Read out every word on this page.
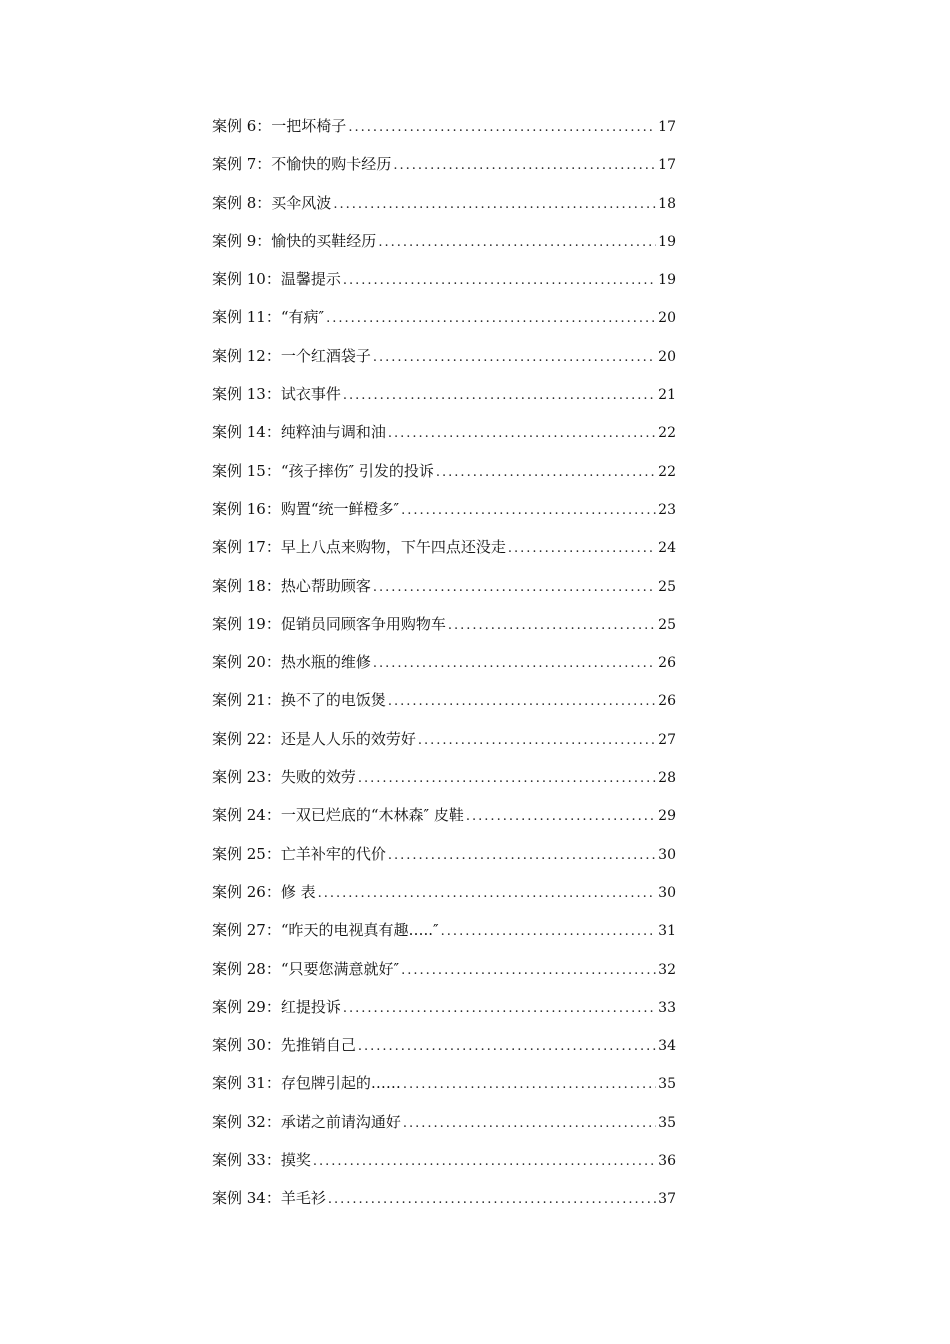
案例 6：一把坏椅子 .....	17
案例 7：不愉快的购卡经历 .....	17
案例 8：买伞风波 .....	18
案例 9：愉快的买鞋经历 .....	19
案例 10：温馨提示 .....	19
案例 11：“有病″ .....	20
案例 12：一个红酒袋子 .....	20
案例 13：试衣事件 .....	21
案例 14：纯粹油与调和油 .....	22
案例 15：“孩子摔伤″ 引发的投诉 .....	22
案例 16：购置“统一鲜橙多″ .....	23
案例 17：早上八点来购物，下午四点还没走 .....	24
案例 18：热心帮助顾客 .....	25
案例 19：促销员同顾客争用购物车 .....	25
案例 20：热水瓶的维修 .....	26
案例 21：换不了的电饭煲 .....	26
案例 22：还是人人乐的效劳好 .....	27
案例 23：失败的效劳 .....	28
案例 24：一双已烂底的“木林森″ 皮鞋 .....	29
案例 25：亡羊补牢的代价 .....	30
案例 26：修 表 .....	30
案例 27：“昨天的电视真有趣…..″ .....	31
案例 28：“只要您满意就好″ .....	32
案例 29：红提投诉 .....	33
案例 30：先推销自己 .....	34
案例 31：存包牌引起的…… .....	35
案例 32：承诺之前请沟通好 .....	35
案例 33：摸奖 .....	36
案例 34：羊毛衫 .....	37
